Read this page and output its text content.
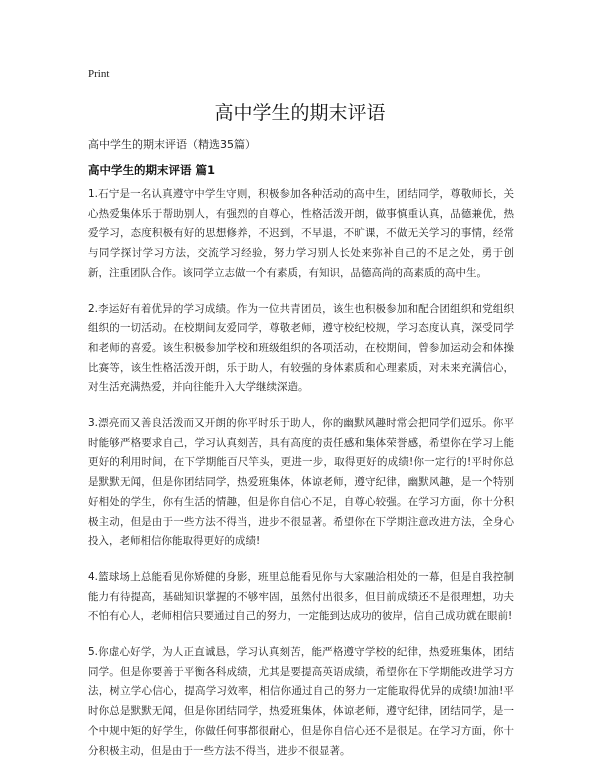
Print
高中学生的期末评语
高中学生的期末评语（精选35篇）
高中学生的期末评语 篇1

1.石宁是一名认真遵守中学生守则，积极参加各种活动的高中生，团结同学，尊敬师长，关心热爱集体乐于帮助别人，有强烈的自尊心，性格活泼开朗，做事慎重认真，品德兼优，热爱学习，态度积极有好的思想修养，不迟到，不早退，不旷课，不做无关学习的事情，经常与同学探讨学习方法，交流学习经验，努力学习别人长处来弥补自己的不足之处，勇于创新，注重团队合作。该同学立志做一个有素质，有知识，品德高尚的高素质的高中生。

2.李运好有着优异的学习成绩。作为一位共青团员，该生也积极参加和配合团组织和党组织组织的一切活动。在校期间友爱同学，尊敬老师，遵守校纪校规，学习态度认真，深受同学和老师的喜爱。该生积极参加学校和班级组织的各项活动，在校期间，曾参加运动会和体操比赛等，该生性格活泼开朗，乐于助人，有较强的身体素质和心理素质，对未来充满信心，对生活充满热爱，并向往能升入大学继续深造。

3.漂亮而又善良活泼而又开朗的你平时乐于助人，你的幽默风趣时常会把同学们逗乐。你平时能够严格要求自己，学习认真刻苦，具有高度的责任感和集体荣誉感，希望你在学习上能更好的利用时间，在下学期能百尺竿头，更进一步，取得更好的成绩!你一定行的!平时你总是默默无闻，但是你团结同学，热爱班集体，体谅老师，遵守纪律，幽默风趣，是一个特别好相处的学生，你有生活的情趣，但是你自信心不足，自尊心较强。在学习方面，你十分积极主动，但是由于一些方法不得当，进步不很显著。希望你在下学期注意改进方法，全身心投入，老师相信你能取得更好的成绩!

4.篮球场上总能看见你矫健的身影，班里总能看见你与大家融洽相处的一幕，但是自我控制能力有待提高，基础知识掌握的不够牢固，虽然付出很多，但目前成绩还不是很理想，功夫不怕有心人，老师相信只要通过自己的努力，一定能到达成功的彼岸，信自己成功就在眼前!

5.你虚心好学，为人正直诚恳，学习认真刻苦，能严格遵守学校的纪律，热爱班集体，团结同学。但是你要善于平衡各科成绩，尤其是要提高英语成绩，希望你在下学期能改进学习方法，树立学心信心，提高学习效率，相信你通过自己的努力一定能取得优异的成绩!加油!平时你总是默默无闻，但是你团结同学，热爱班集体，体谅老师，遵守纪律，团结同学，是一个中规中矩的好学生，你做任何事都很耐心，但是你自信心还不是很足。在学习方面，你十分积极主动，但是由于一些方法不得当，进步不很显著。
